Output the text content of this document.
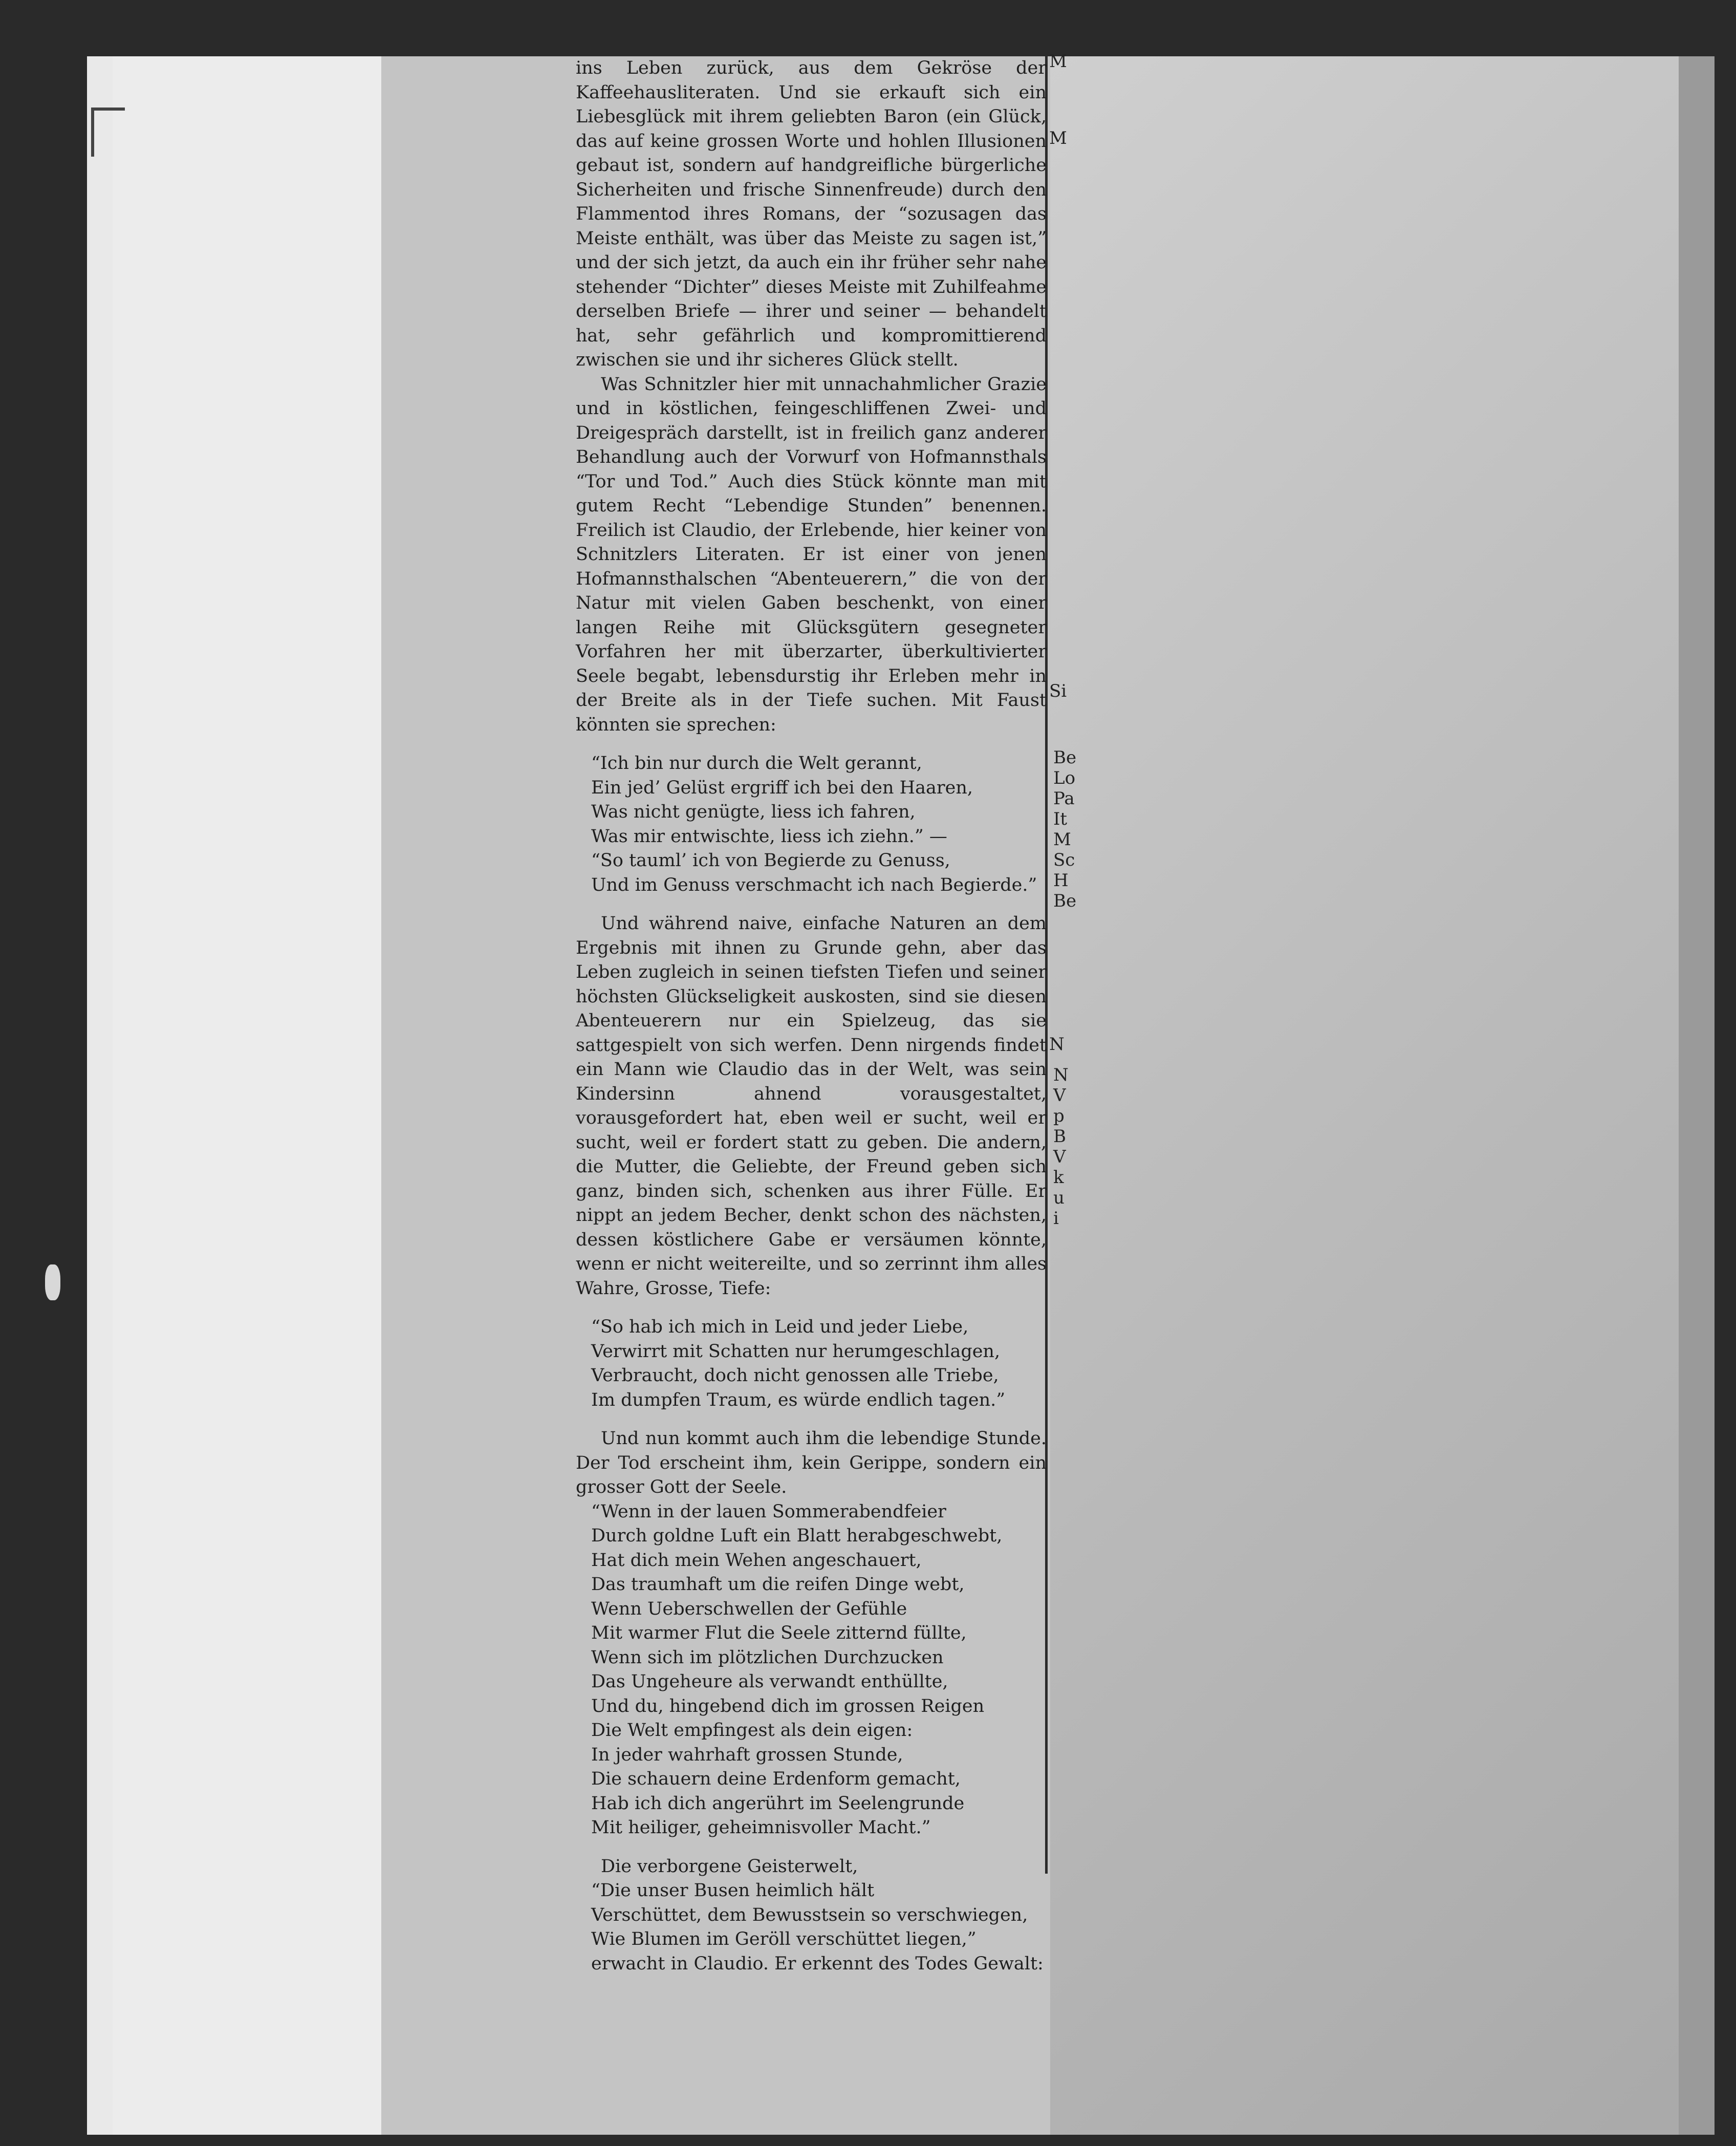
ins Leben zurück, aus dem Gekröse der Kaffeehausliteraten. Und sie erkauft sich ein Liebesglück mit ihrem geliebten Baron (ein Glück, das auf keine grossen Worte und hohlen Illusionen gebaut ist, sondern auf handgreifliche bürgerliche Sicherheiten und frische Sinnenfreude) durch den Flammentod ihres Romans, der “sozusagen das Meiste enthält, was über das Meiste zu sagen ist,” und der sich jetzt, da auch ein ihr früher sehr nahe stehender “Dichter” dieses Meiste mit Zuhilfeahme derselben Briefe — ihrer und seiner — behandelt hat, sehr gefährlich und kompromittierend zwischen sie und ihr sicheres Glück stellt.

Was Schnitzler hier mit unnachahmlicher Grazie und in köstlichen, feingeschliffenen Zwei- und Dreigespräch darstellt, ist in freilich ganz anderer Behandlung auch der Vorwurf von Hofmannsthals “Tor und Tod.” Auch dies Stück könnte man mit gutem Recht “Lebendige Stunden” benennen. Freilich ist Claudio, der Erlebende, hier keiner von Schnitzlers Literaten. Er ist einer von jenen Hofmannsthalschen “Abenteuerern,” die von der Natur mit vielen Gaben beschenkt, von einer langen Reihe mit Glücksgütern gesegneter Vorfahren her mit überzarter, überkultivierter Seele begabt, lebensdurstig ihr Erleben mehr in der Breite als in der Tiefe suchen. Mit Faust könnten sie sprechen:

“Ich bin nur durch die Welt gerannt,
Ein jed’ Gelüst ergriff ich bei den Haaren,
Was nicht genügte, liess ich fahren,
Was mir entwischte, liess ich ziehn.” —
“So tauml’ ich von Begierde zu Genuss,
Und im Genuss verschmacht ich nach Begierde.”

Und während naive, einfache Naturen an dem Ergebnis mit ihnen zu Grunde gehn, aber das Leben zugleich in seinen tiefsten Tiefen und seiner höchsten Glückseligkeit auskosten, sind sie diesen Abenteuerern nur ein Spielzeug, das sie sattgespielt von sich werfen. Denn nirgends findet ein Mann wie Claudio das in der Welt, was sein Kindersinn ahnend vorausgestaltet, vorausgefordert hat, eben weil er sucht, weil er sucht, weil er fordert statt zu geben. Die andern, die Mutter, die Geliebte, der Freund geben sich ganz, binden sich, schenken aus ihrer Fülle. Er nippt an jedem Becher, denkt schon des nächsten, dessen köstlichere Gabe er versäumen könnte, wenn er nicht weitereilte, und so zerrinnt ihm alles Wahre, Grosse, Tiefe:

“So hab ich mich in Leid und jeder Liebe,
Verwirrt mit Schatten nur herumgeschlagen,
Verbraucht, doch nicht genossen alle Triebe,
Im dumpfen Traum, es würde endlich tagen.”

Und nun kommt auch ihm die lebendige Stunde. Der Tod erscheint ihm, kein Gerippe, sondern ein grosser Gott der Seele.

“Wenn in der lauen Sommerabendfeier
Durch goldne Luft ein Blatt herabgeschwebt,
Hat dich mein Wehen angeschauert,
Das traumhaft um die reifen Dinge webt,
Wenn Ueberschwellen der Gefühle
Mit warmer Flut die Seele zitternd füllte,
Wenn sich im plötzlichen Durchzucken
Das Ungeheure als verwandt enthüllte,
Und du, hingebend dich im grossen Reigen
Die Welt empfingest als dein eigen:
In jeder wahrhaft grossen Stunde,
Die schauern deine Erdenform gemacht,
Hab ich dich angerührt im Seelengrunde
Mit heiliger, geheimnisvoller Macht.”

Die verborgene Geisterwelt,

“Die unser Busen heimlich hält
Verschüttet, dem Bewusstsein so verschwiegen,
Wie Blumen im Geröll verschüttet liegen,”

erwacht in Claudio. Er erkennt des Todes Gewalt:

M
M
N
Si
Be
Lo
Pa
It
M
Sc
H
Be
N
V
p
B
V
k
u
i
